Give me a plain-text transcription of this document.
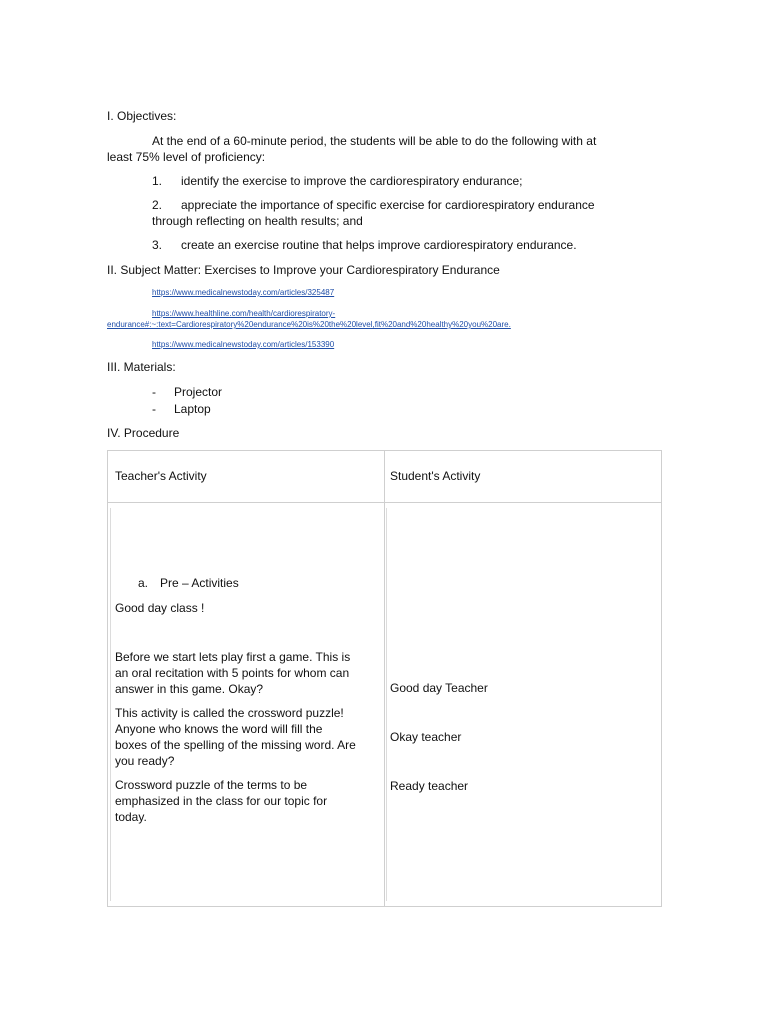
I. Objectives:
At the end of a 60-minute period, the students will be able to do the following with at
least 75% level of proficiency:
1. identify the exercise to improve the cardiorespiratory endurance;
2. appreciate the importance of specific exercise for cardiorespiratory endurance
through reflecting on health results; and
3. create an exercise routine that helps improve cardiorespiratory endurance.
II. Subject Matter: Exercises to Improve your Cardiorespiratory Endurance
https://www.medicalnewstoday.com/articles/325487
https://www.healthline.com/health/cardiorespiratory-
endurance#:~:text=Cardiorespiratory%20endurance%20is%20the%20level,fit%20and%20healthy%20you%20are.
https://www.medicalnewstoday.com/articles/153390
III. Materials:
- Projector
- Laptop
IV. Procedure
Teacher's Activity	Student's Activity
a. Pre – Activities
Good day class !
Before we start lets play first a game. This is
an oral recitation with 5 points for whom can
answer in this game. Okay?
This activity is called the crossword puzzle!
Anyone who knows the word will fill the
boxes of the spelling of the missing word. Are
you ready?
Crossword puzzle of the terms to be
emphasized in the class for our topic for
today.
Good day Teacher
Okay teacher
Ready teacher
